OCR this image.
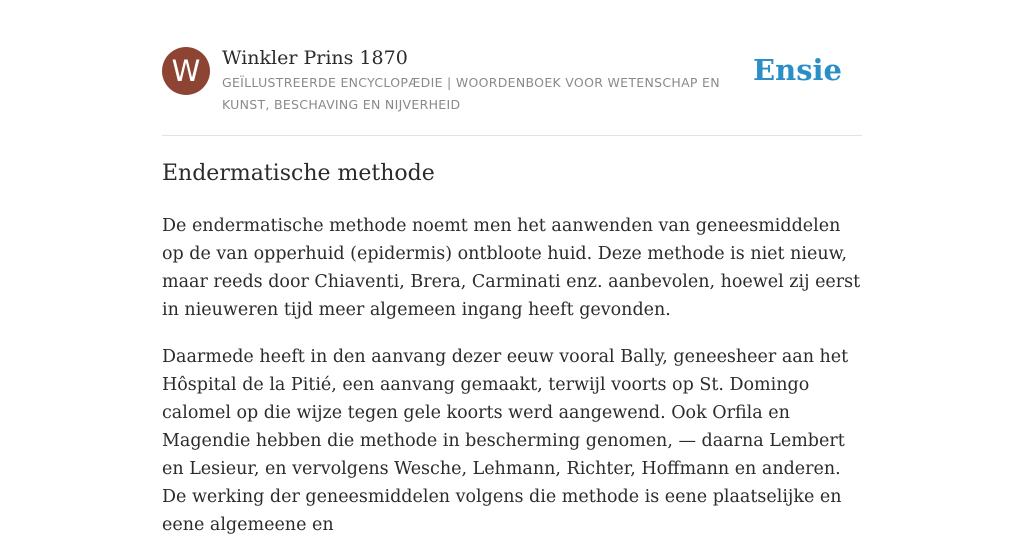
W	Winkler Prins 1870
GEÏLLUSTREERDE ENCYCLOPÆDIE | WOORDENBOEK VOOR WETENSCHAP EN KUNST, BESCHAVING EN NIJVERHEID
Ensie
Endermatische methode

De endermatische methode noemt men het aanwenden van geneesmiddelen op de van opperhuid (epidermis) ontbloote huid. Deze methode is niet nieuw, maar reeds door Chiaventi, Brera, Carminati enz. aanbevolen, hoewel zij eerst in nieuweren tijd meer algemeen ingang heeft gevonden.

Daarmede heeft in den aanvang dezer eeuw vooral Bally, geneesheer aan het Hôspital de la Pitié, een aanvang gemaakt, terwijl voorts op St. Domingo calomel op die wijze tegen gele koorts werd aangewend. Ook Orfila en Magendie hebben die methode in bescherming genomen, — daarna Lembert en Lesieur, en vervolgens Wesche, Lehmann, Richter, Hoffmann en anderen. De werking der geneesmiddelen volgens die methode is eene plaatselijke en eene algemeene en
